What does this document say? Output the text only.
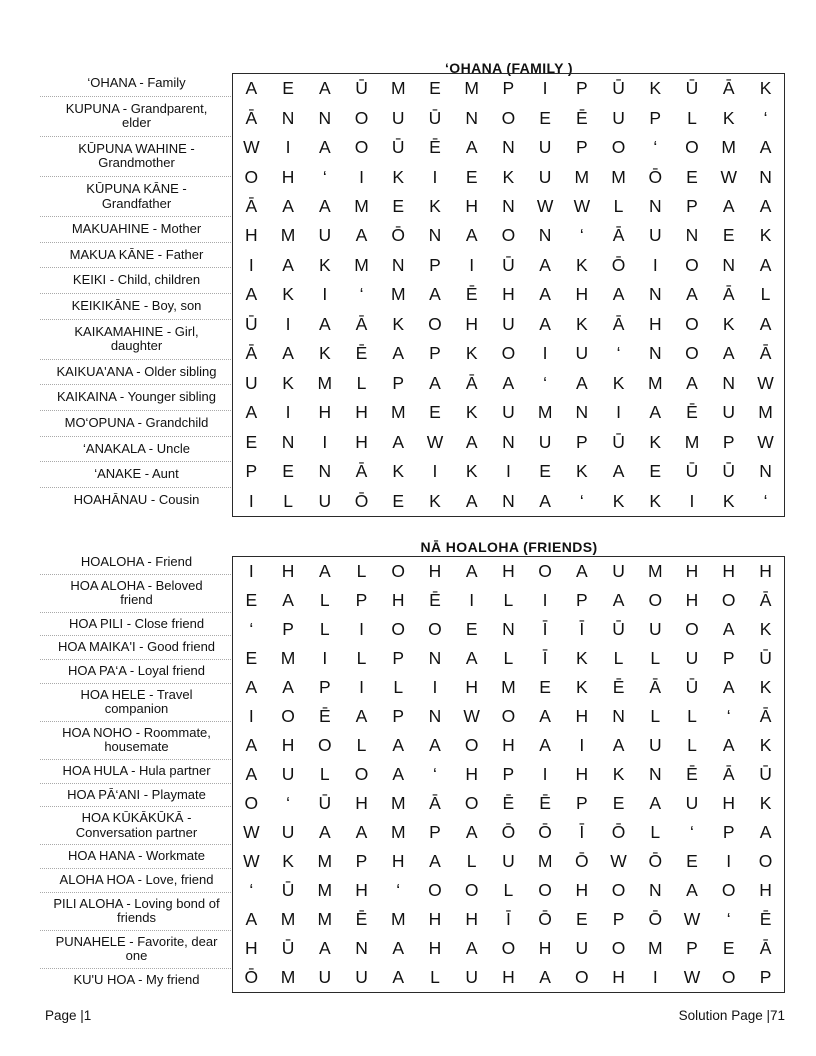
‘OHANA (FAMILY )
‘OHANA - Family
KUPUNA - Grandparent, elder
KŪPUNA WAHINE - Grandmother
KŪPUNA KĀNE - Grandfather
MAKUAHINE - Mother
MAKUA KĀNE - Father
KEIKI - Child, children
KEIKIKĀNE - Boy, son
KAIKAMAHINE - Girl, daughter
KAIKUA'ANA - Older sibling
KAIKAINA - Younger sibling
MO‘OPUNA - Grandchild
‘ANAKALA - Uncle
‘ANAKE - Aunt
HOAHĀNAU - Cousin
A	E	A	Ū	M	E	M	P	I	P	Ū	K	Ū	Ā	K
Ā	N	N	O	U	Ū	N	O	E	Ē	U	P	L	K	‘
W	I	A	O	Ū	Ē	A	N	U	P	O	‘	O	M	A
O	H	‘	I	K	I	E	K	U	M	M	Ō	E	W	N
Ā	A	A	M	E	K	H	N	W	W	L	N	P	A	A
H	M	U	A	Ō	N	A	O	N	‘	Ā	U	N	E	K
I	A	K	M	N	P	I	Ū	A	K	Ō	I	O	N	A
A	K	I	‘	M	A	Ē	H	A	H	A	N	A	Ā	L
Ū	I	A	Ā	K	O	H	U	A	K	Ā	H	O	K	A
Ā	A	K	Ē	A	P	K	O	I	U	‘	N	O	A	Ā
U	K	M	L	P	A	Ā	A	‘	A	K	M	A	N	W
A	I	H	H	M	E	K	U	M	N	I	A	Ē	U	M
E	N	I	H	A	W	A	N	U	P	Ū	K	M	P	W
P	E	N	Ā	K	I	K	I	E	K	A	E	Ū	Ū	N
I	L	U	Ō	E	K	A	N	A	‘	K	K	I	K	‘
NĀ HOALOHA (FRIENDS)
HOALOHA - Friend
HOA ALOHA - Beloved friend
HOA PILI - Close friend
HOA MAIKA'I - Good friend
HOA PA‘A - Loyal friend
HOA HELE - Travel companion
HOA NOHO - Roommate, housemate
HOA HULA - Hula partner
HOA PĀ‘ANI - Playmate
HOA KŪKĀKŪKĀ - Conversation partner
HOA HANA - Workmate
ALOHA HOA - Love, friend
PILI ALOHA - Loving bond of friends
PUNAHELE - Favorite, dear one
KU'U HOA - My friend
I	H	A	L	O	H	A	H	O	A	U	M	H	H	H
E	A	L	P	H	Ē	I	L	I	P	A	O	H	O	Ā
‘	P	L	I	O	O	E	N	Ī	Ī	Ū	U	O	A	K
E	M	I	L	P	N	A	L	Ī	K	L	L	U	P	Ū
A	A	P	I	L	I	H	M	E	K	Ē	Ā	Ū	A	K
I	O	Ē	A	P	N	W	O	A	H	N	L	L	‘	Ā
A	H	O	L	A	A	O	H	A	I	A	U	L	A	K
A	U	L	O	A	‘	H	P	I	H	K	N	Ē	Ā	Ū
O	‘	Ū	H	M	Ā	O	Ē	Ē	P	E	A	U	H	K
W	U	A	A	M	P	A	Ō	Ō	Ī	Ō	L	‘	P	A
W	K	M	P	H	A	L	U	M	Ō	W	Ō	E	I	O
‘	Ū	M	H	‘	O	O	L	O	H	O	N	A	O	H
A	M	M	Ē	M	H	H	Ī	Ō	E	P	Ō	W	‘	Ē
H	Ū	A	N	A	H	A	O	H	U	O	M	P	E	Ā
Ō	M	U	U	A	L	U	H	A	O	H	I	W	O	P
Page |1	Solution Page |71
